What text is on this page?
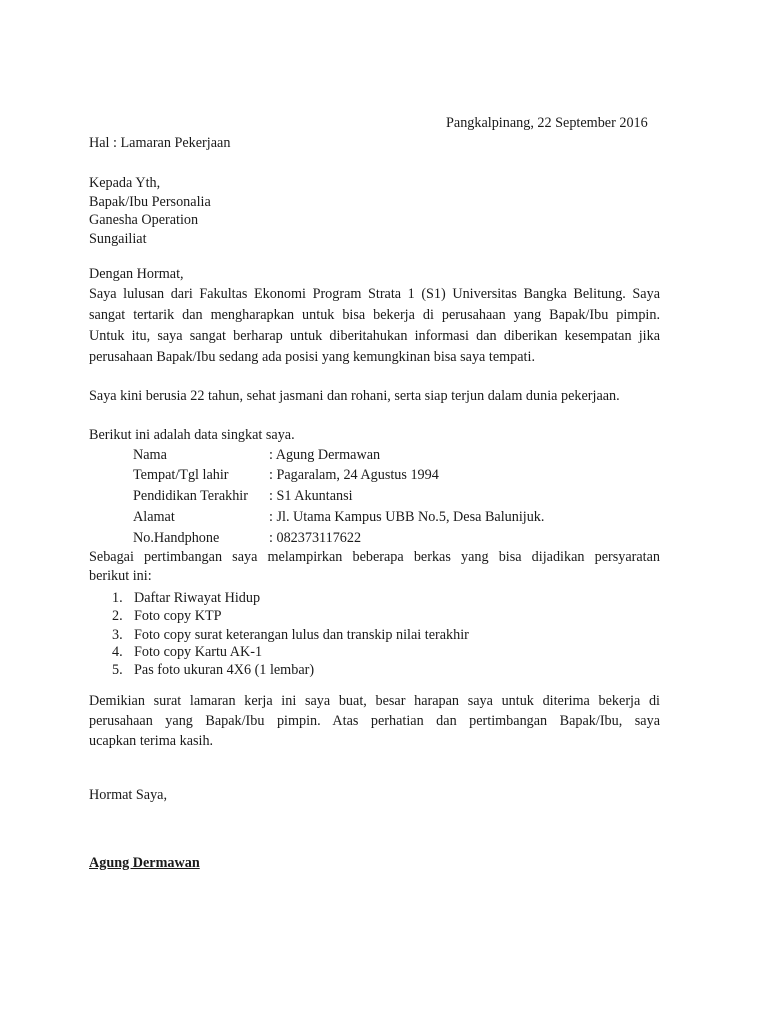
Pangkalpinang, 22 September 2016
Hal : Lamaran Pekerjaan
Kepada Yth,
Bapak/Ibu Personalia
Ganesha Operation
Sungailiat
Dengan Hormat,
Saya lulusan dari Fakultas Ekonomi Program Strata 1 (S1) Universitas Bangka Belitung. Saya
sangat tertarik dan mengharapkan untuk bisa bekerja di perusahaan yang Bapak/Ibu pimpin.
Untuk itu, saya sangat berharap untuk diberitahukan informasi dan diberikan kesempatan jika
perusahaan Bapak/Ibu sedang ada posisi yang kemungkinan bisa saya tempati.
Saya kini berusia 22 tahun, sehat jasmani dan rohani, serta siap terjun dalam dunia pekerjaan.
Berikut ini adalah data singkat saya.
Nama	: Agung Dermawan
Tempat/Tgl lahir	: Pagaralam, 24 Agustus 1994
Pendidikan Terakhir : S1 Akuntansi
Alamat	: Jl. Utama Kampus UBB No.5, Desa Balunijuk.
No.Handphone	: 082373117622
Sebagai pertimbangan saya melampirkan beberapa berkas yang bisa dijadikan persyaratan
berikut ini:
1. Daftar Riwayat Hidup
2. Foto copy KTP
3. Foto copy surat keterangan lulus dan transkip nilai terakhir
4. Foto copy Kartu AK-1
5. Pas foto ukuran 4X6 (1 lembar)
Demikian surat lamaran kerja ini saya buat, besar harapan saya untuk diterima bekerja di
perusahaan yang Bapak/Ibu pimpin. Atas perhatian dan pertimbangan Bapak/Ibu, saya
ucapkan terima kasih.
Hormat Saya,
Agung Dermawan
